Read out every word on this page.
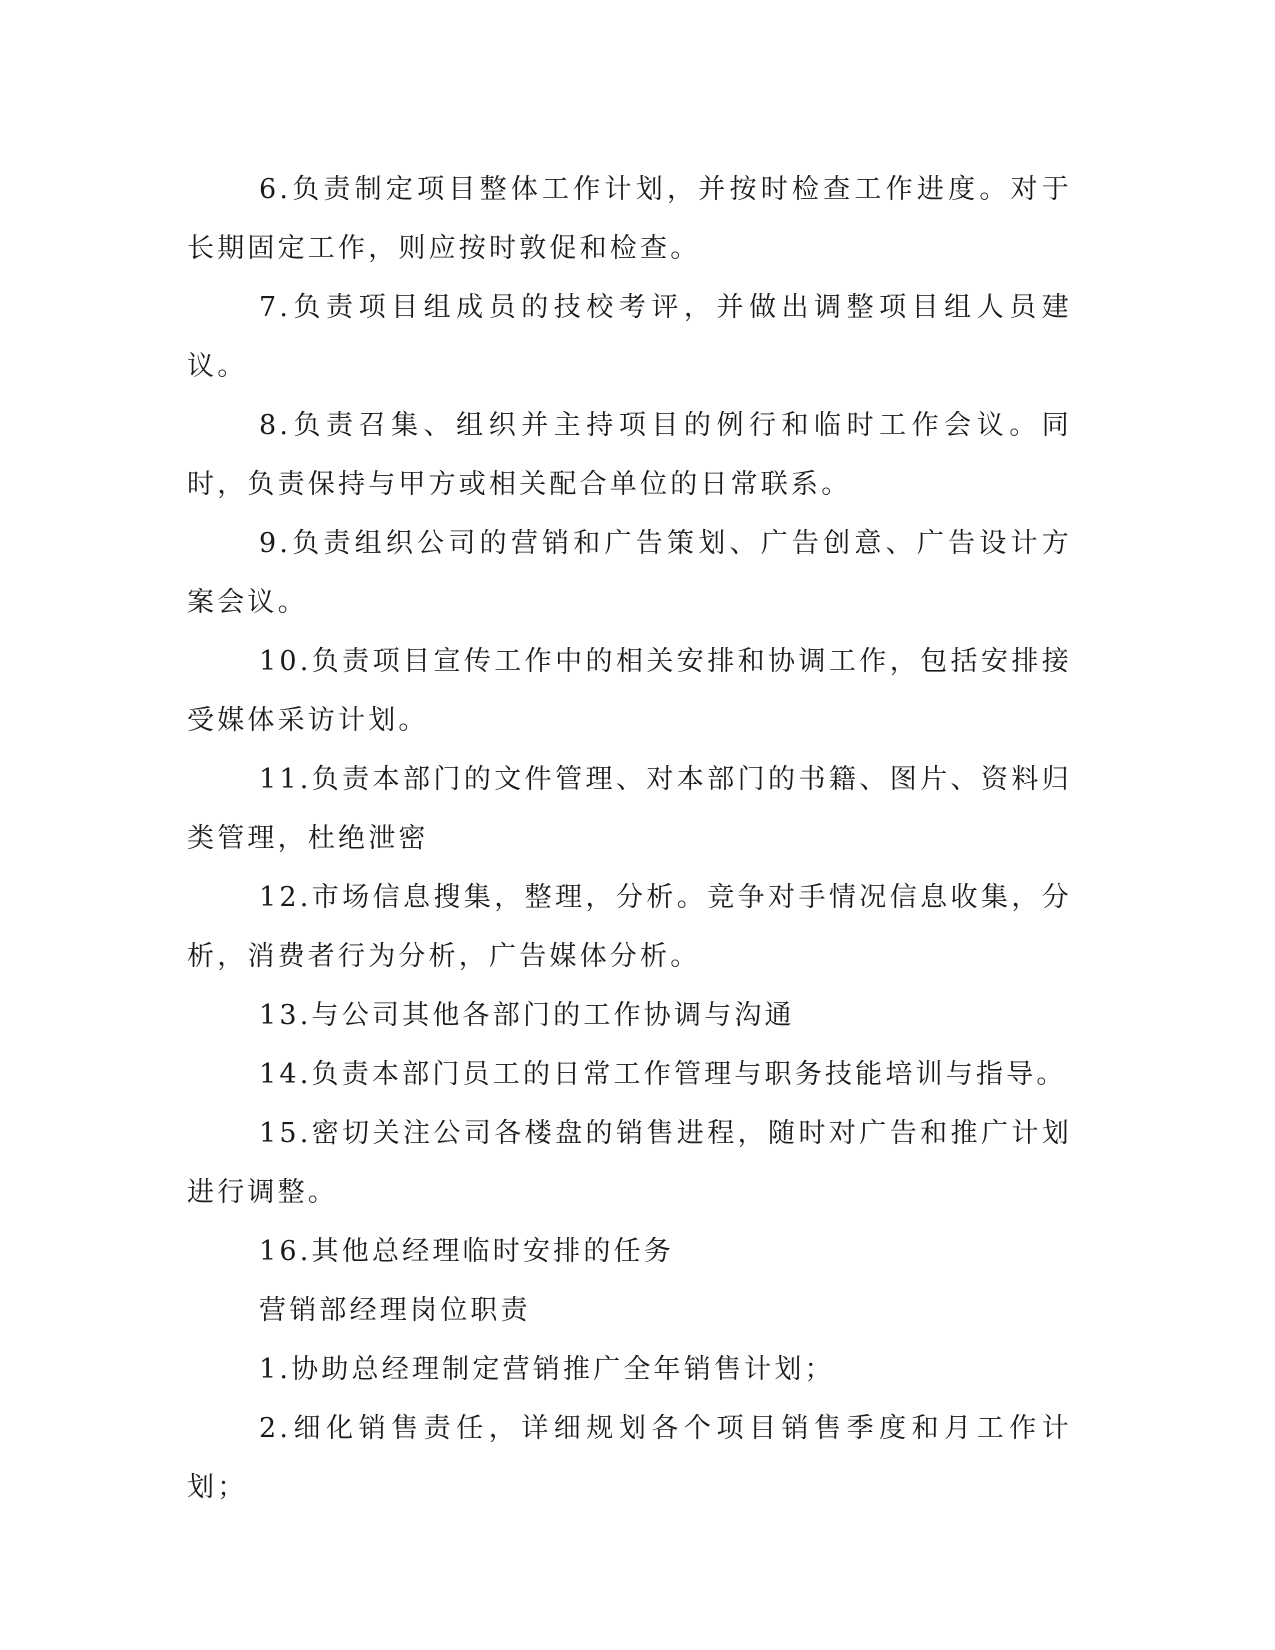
6.负责制定项目整体工作计划，并按时检查工作进度。对于长期固定工作，则应按时敦促和检查。

7.负责项目组成员的技校考评，并做出调整项目组人员建议。

8.负责召集、组织并主持项目的例行和临时工作会议。同时，负责保持与甲方或相关配合单位的日常联系。

9.负责组织公司的营销和广告策划、广告创意、广告设计方案会议。

10.负责项目宣传工作中的相关安排和协调工作，包括安排接受媒体采访计划。

11.负责本部门的文件管理、对本部门的书籍、图片、资料归类管理，杜绝泄密

12.市场信息搜集，整理，分析。竞争对手情况信息收集，分析，消费者行为分析，广告媒体分析。

13.与公司其他各部门的工作协调与沟通

14.负责本部门员工的日常工作管理与职务技能培训与指导。

15.密切关注公司各楼盘的销售进程，随时对广告和推广计划进行调整。

16.其他总经理临时安排的任务

营销部经理岗位职责

1.协助总经理制定营销推广全年销售计划；

2.细化销售责任，详细规划各个项目销售季度和月工作计划；
